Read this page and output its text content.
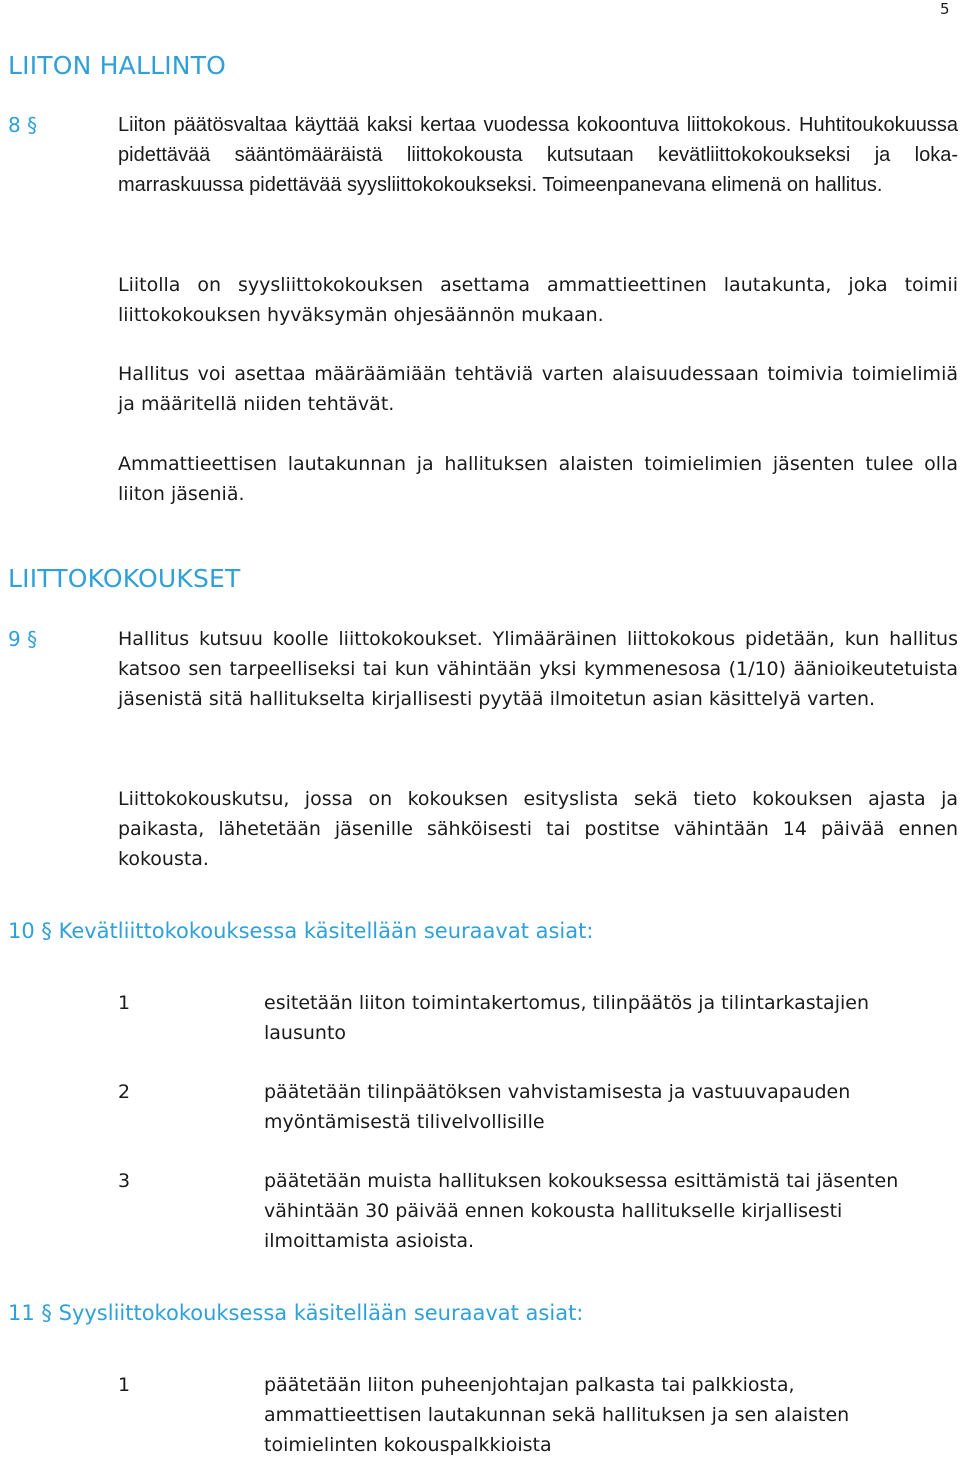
5
LIITON HALLINTO
8 §	Liiton päätösvaltaa käyttää kaksi kertaa vuodessa kokoontuva liittokokous. Huhtitoukokuussa pidettävää sääntömääräistä liittokokousta kutsutaan kevätliittokokoukseksi ja loka-marraskuussa pidettävää syysliittokokoukseksi. Toimeenpanevana elimenä on hallitus.
Liitolla on syysliittokokouksen asettama ammattieettinen lautakunta, joka toimii liittokokouksen hyväksymän ohjesäännön mukaan.
Hallitus voi asettaa määräämiään tehtäviä varten alaisuudessaan toimivia toimielimiä ja määritellä niiden tehtävät.
Ammattieettisen lautakunnan ja hallituksen alaisten toimielimien jäsenten tulee olla liiton jäseniä.
LIITTOKOKOUKSET
9 §	Hallitus kutsuu koolle liittokokoukset. Ylimääräinen liittokokous pidetään, kun hallitus katsoo sen tarpeelliseksi tai kun vähintään yksi kymmenesosa (1/10) äänioikeutetuista jäsenistä sitä hallitukselta kirjallisesti pyytää ilmoitetun asian käsittelyä varten.
Liittokokouskutsu, jossa on kokouksen esityslista sekä tieto kokouksen ajasta ja paikasta, lähetetään jäsenille sähköisesti tai postitse vähintään 14 päivää ennen kokousta.
10 § Kevätliittokokouksessa käsitellään seuraavat asiat:
1	esitetään liiton toimintakertomus, tilinpäätös ja tilintarkastajien lausunto
2	päätetään tilinpäätöksen vahvistamisesta ja vastuuvapauden myöntämisestä tilivelvollisille
3	päätetään muista hallituksen kokouksessa esittämistä tai jäsenten vähintään 30 päivää ennen kokousta hallitukselle kirjallisesti ilmoittamista asioista.
11 § Syysliittokokouksessa käsitellään seuraavat asiat:
1	päätetään liiton puheenjohtajan palkasta tai palkkiosta, ammattieettisen lautakunnan sekä hallituksen ja sen alaisten toimielinten kokouspalkkioista
